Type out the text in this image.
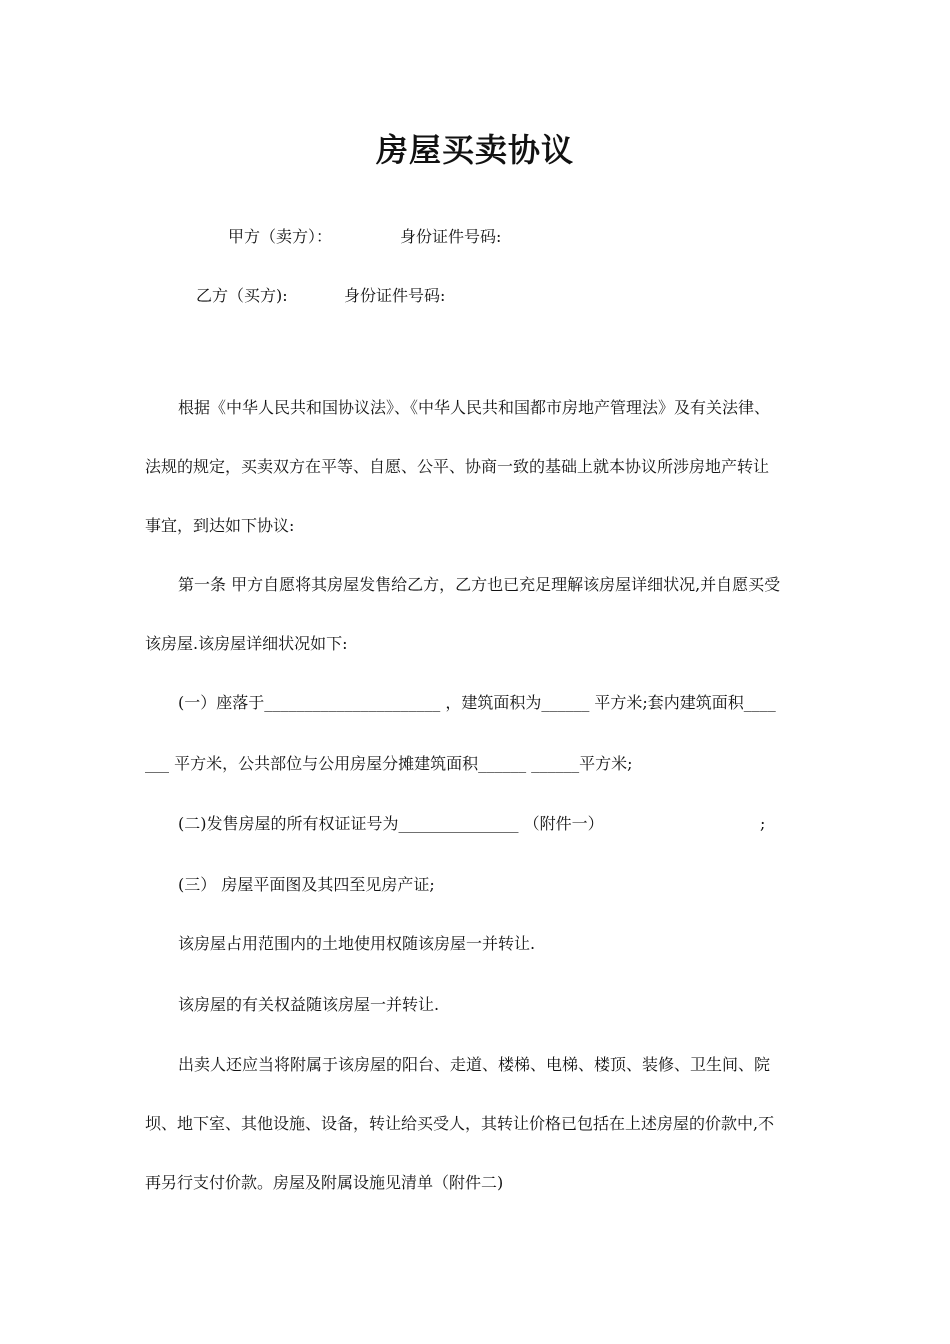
房屋买卖协议
甲方（卖方）：	身份证件号码:
乙方（买方):	身份证件号码:
根据《中华人民共和国协议法》、《中华人民共和国都市房地产管理法》及有关法律、
法规的规定，买卖双方在平等、自愿、公平、协商一致的基础上就本协议所涉房地产转让
事宜，到达如下协议:
第一条 甲方自愿将其房屋发售给乙方，乙方也已充足理解该房屋详细状况,并自愿买受
该房屋.该房屋详细状况如下:
(一）座落于______________________ ，建筑面积为______ 平方米;套内建筑面积____
___ 平方米，公共部位与公用房屋分摊建筑面积______ ______平方米;
(二)发售房屋的所有权证证号为_______________ （附件一）	;
(三） 房屋平面图及其四至见房产证;
该房屋占用范围内的土地使用权随该房屋一并转让.
该房屋的有关权益随该房屋一并转让.
出卖人还应当将附属于该房屋的阳台、走道、楼梯、电梯、楼顶、装修、卫生间、院
坝、地下室、其他设施、设备，转让给买受人，其转让价格已包括在上述房屋的价款中,不
再另行支付价款。房屋及附属设施见清单（附件二)
